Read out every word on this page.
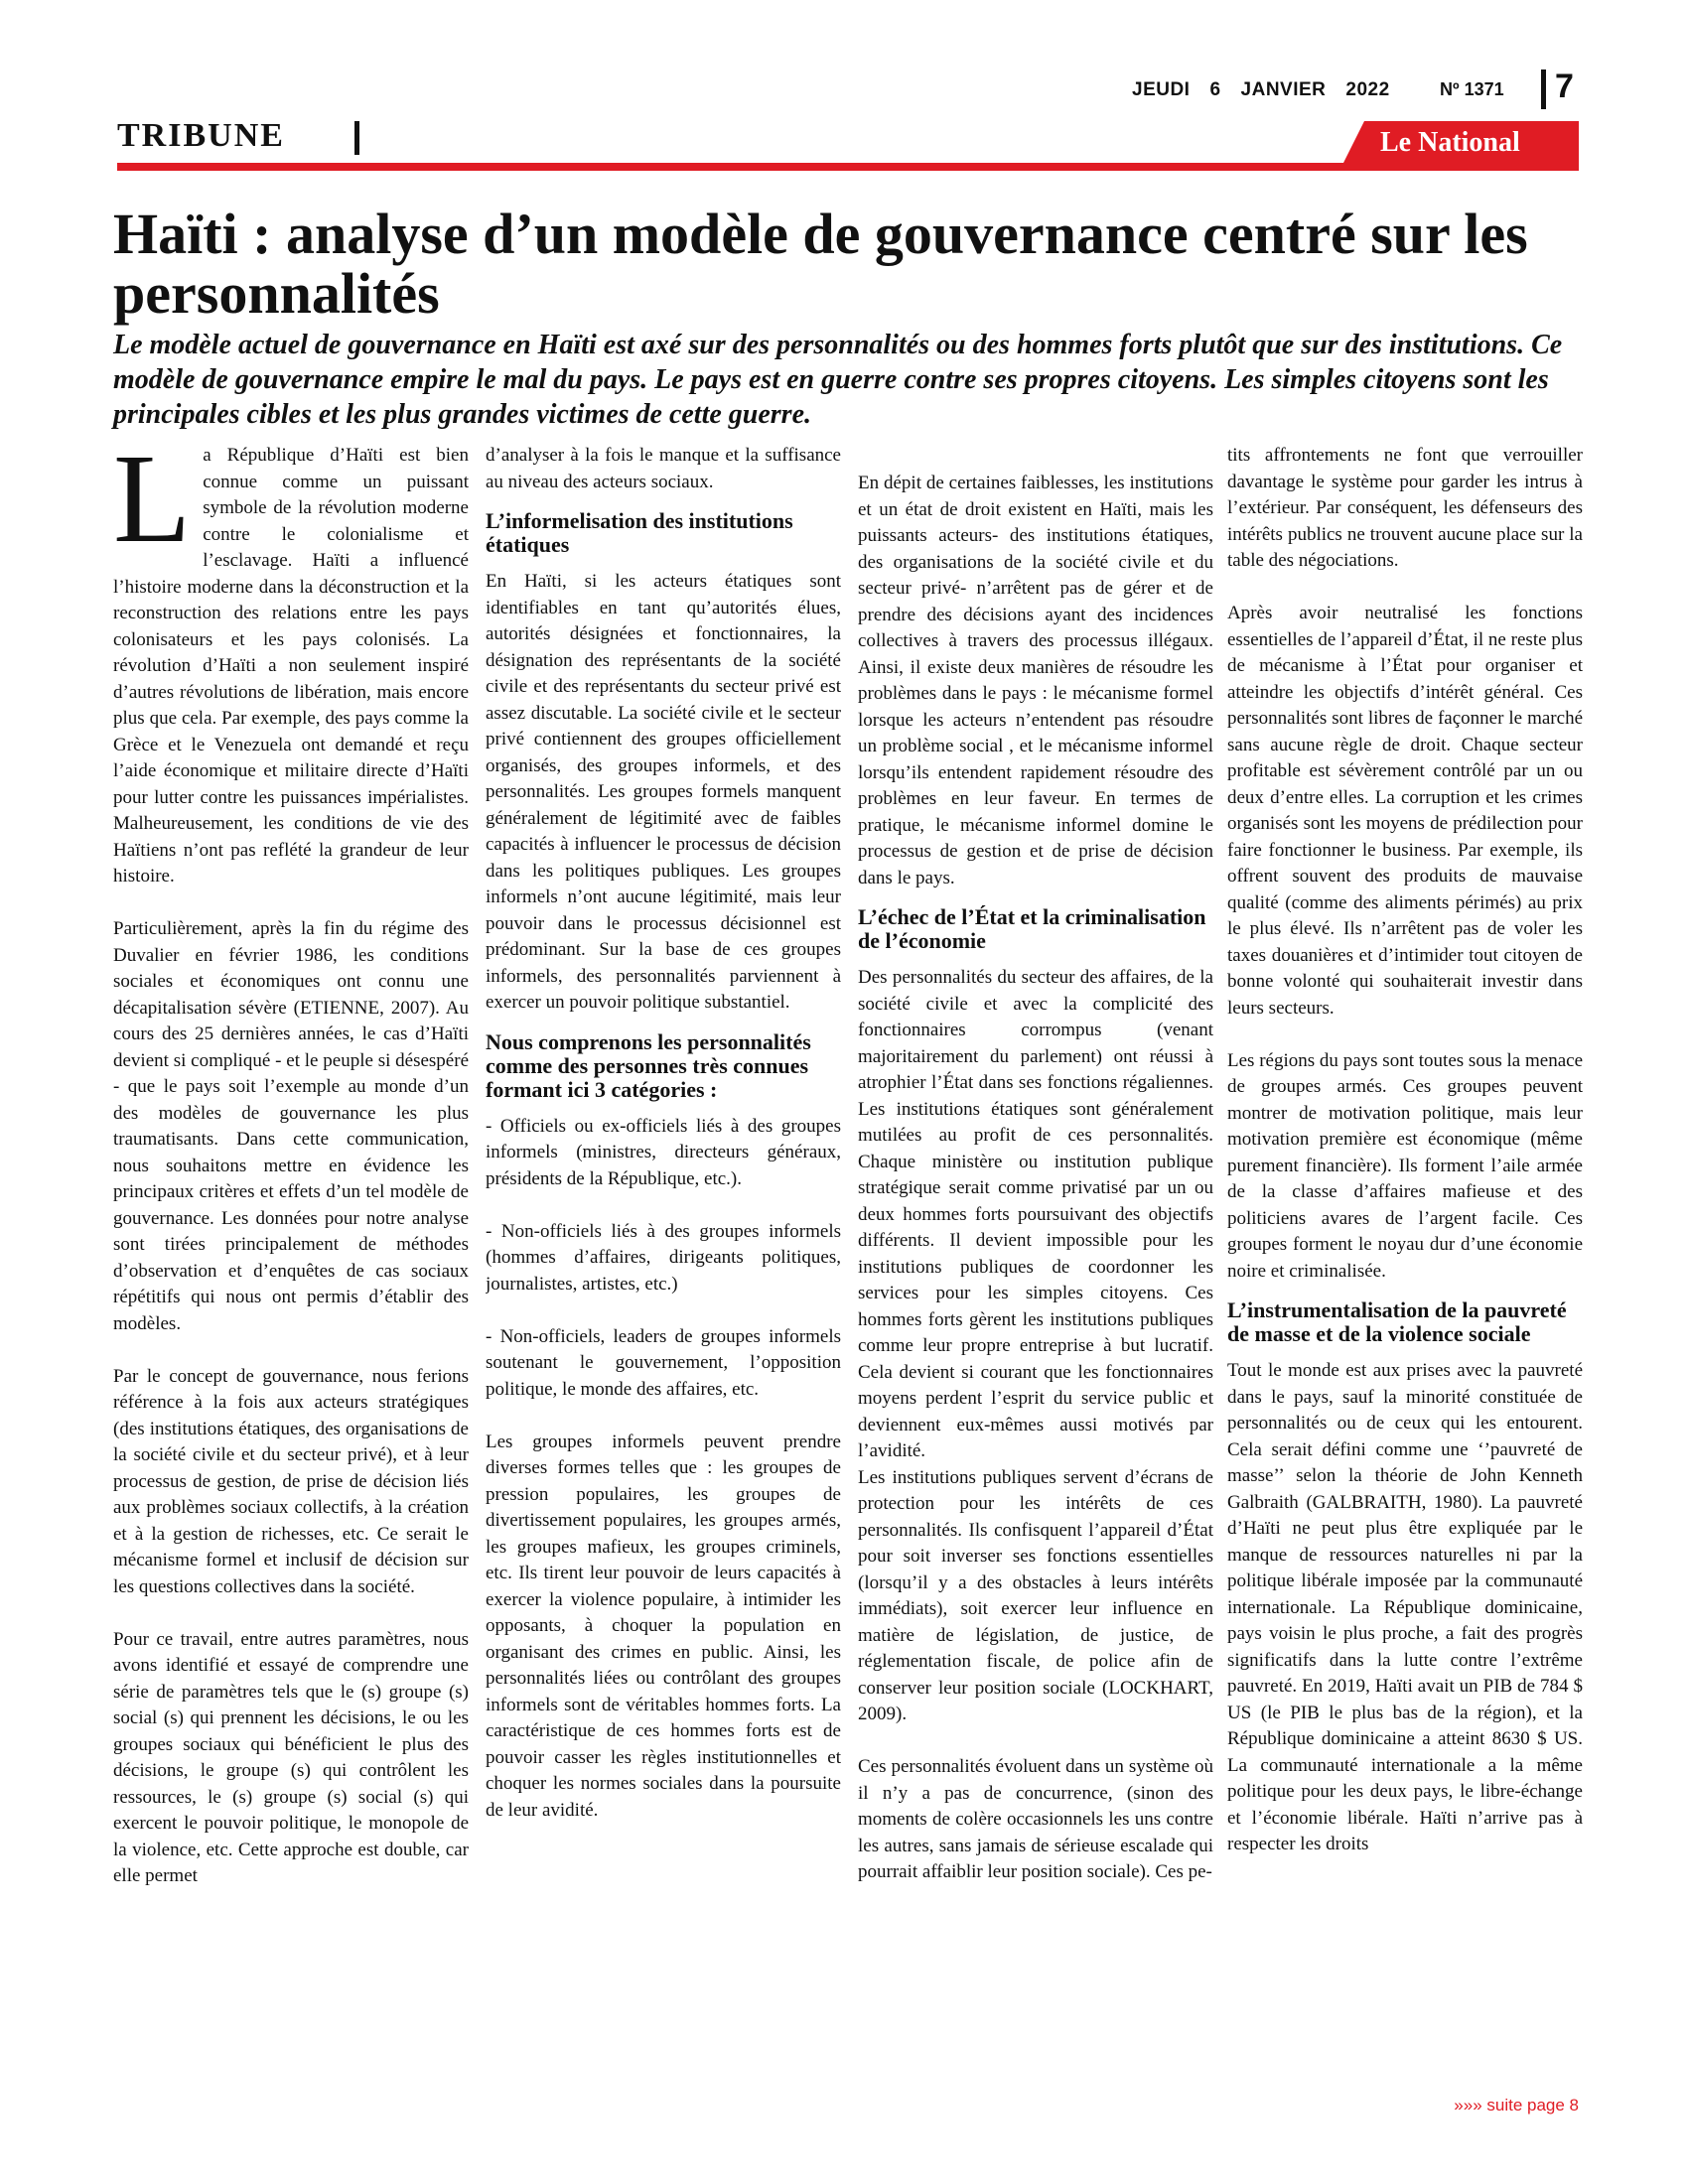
JEUDI 6 JANVIER 2022	Nº 1371 7
TRIBUNE	Le National
Haïti : analyse d’un modèle de gouvernance centré sur les personnalités

Le modèle actuel de gouvernance en Haïti est axé sur des personnalités ou des hommes forts plutôt que sur des institutions. Ce modèle de gouvernance empire le mal du pays. Le pays est en guerre contre ses propres citoyens. Les simples citoyens sont les principales cibles et les plus grandes victimes de cette guerre.

La République d’Haïti est bien connue comme un puissant symbole de la révolution moderne contre le colonialisme et l’esclavage. Haïti a influencé l’histoire moderne dans la déconstruction et la reconstruction des relations entre les pays colonisateurs et les pays colonisés. La révolution d’Haïti a non seulement inspiré d’autres révolutions de libération, mais encore plus que cela. Par exemple, des pays comme la Grèce et le Venezuela ont demandé et reçu l’aide économique et militaire directe d’Haïti pour lutter contre les puissances impérialistes. Malheureusement, les conditions de vie des Haïtiens n’ont pas reflété la grandeur de leur histoire.

Particulièrement, après la fin du régime des Duvalier en février 1986, les conditions sociales et économiques ont connu une décapitalisation sévère (ETIENNE, 2007). Au cours des 25 dernières années, le cas d’Haïti devient si compliqué - et le peuple si désespéré - que le pays soit l’exemple au monde d’un des modèles de gouvernance les plus traumatisants. Dans cette communication, nous souhaitons mettre en évidence les principaux critères et effets d’un tel modèle de gouvernance. Les données pour notre analyse sont tirées principalement de méthodes d’observation et d’enquêtes de cas sociaux répétitifs qui nous ont permis d’établir des modèles.

Par le concept de gouvernance, nous ferions référence à la fois aux acteurs stratégiques (des institutions étatiques, des organisations de la société civile et du secteur privé), et à leur processus de gestion, de prise de décision liés aux problèmes sociaux collectifs, à la création et à la gestion de richesses, etc. Ce serait le mécanisme formel et inclusif de décision sur les questions collectives dans la société.

Pour ce travail, entre autres paramètres, nous avons identifié et essayé de comprendre une série de paramètres tels que le (s) groupe (s) social (s) qui prennent les décisions, le ou les groupes sociaux qui bénéficient le plus des décisions, le groupe (s) qui contrôlent les ressources, le (s) groupe (s) social (s) qui exercent le pouvoir politique, le monopole de la violence, etc. Cette approche est double, car elle permet

d’analyser à la fois le manque et la suffisance au niveau des acteurs sociaux.

L’informelisation des institutions étatiques

En Haïti, si les acteurs étatiques sont identifiables en tant qu’autorités élues, autorités désignées et fonctionnaires, la désignation des représentants de la société civile et des représentants du secteur privé est assez discutable. La société civile et le secteur privé contiennent des groupes officiellement organisés, des groupes informels, et des personnalités. Les groupes formels manquent généralement de légitimité avec de faibles capacités à influencer le processus de décision dans les politiques publiques. Les groupes informels n’ont aucune légitimité, mais leur pouvoir dans le processus décisionnel est prédominant. Sur la base de ces groupes informels, des personnalités parviennent à exercer un pouvoir politique substantiel.

Nous comprenons les personnalités comme des personnes très connues formant ici 3 catégories :

- Officiels ou ex-officiels liés à des groupes informels (ministres, directeurs généraux, présidents de la République, etc.).

- Non-officiels liés à des groupes informels (hommes d’affaires, dirigeants politiques, journalistes, artistes, etc.)

- Non-officiels, leaders de groupes informels soutenant le gouvernement, l’opposition politique, le monde des affaires, etc.

Les groupes informels peuvent prendre diverses formes telles que : les groupes de pression populaires, les groupes de divertissement populaires, les groupes armés, les groupes mafieux, les groupes criminels, etc. Ils tirent leur pouvoir de leurs capacités à exercer la violence populaire, à intimider les opposants, à choquer la population en organisant des crimes en public. Ainsi, les personnalités liées ou contrôlant des groupes informels sont de véritables hommes forts. La caractéristique de ces hommes forts est de pouvoir casser les règles institutionnelles et choquer les normes sociales dans la poursuite de leur avidité.

En dépit de certaines faiblesses, les institutions et un état de droit existent en Haïti, mais les puissants acteurs- des institutions étatiques, des organisations de la société civile et du secteur privé- n’arrêtent pas de gérer et de prendre des décisions ayant des incidences collectives à travers des processus illégaux. Ainsi, il existe deux manières de résoudre les problèmes dans le pays : le mécanisme formel lorsque les acteurs n’entendent pas résoudre un problème social , et le mécanisme informel lorsqu’ils entendent rapidement résoudre des problèmes en leur faveur. En termes de pratique, le mécanisme informel domine le processus de gestion et de prise de décision dans le pays.

L’échec de l’État et la criminalisation de l’économie

Des personnalités du secteur des affaires, de la société civile et avec la complicité des fonctionnaires corrompus (venant majoritairement du parlement) ont réussi à atrophier l’État dans ses fonctions régaliennes. Les institutions étatiques sont généralement mutilées au profit de ces personnalités. Chaque ministère ou institution publique stratégique serait comme privatisé par un ou deux hommes forts poursuivant des objectifs différents. Il devient impossible pour les institutions publiques de coordonner les services pour les simples citoyens. Ces hommes forts gèrent les institutions publiques comme leur propre entreprise à but lucratif. Cela devient si courant que les fonctionnaires moyens perdent l’esprit du service public et deviennent eux-mêmes aussi motivés par l’avidité.

Les institutions publiques servent d’écrans de protection pour les intérêts de ces personnalités. Ils confisquent l’appareil d’État pour soit inverser ses fonctions essentielles (lorsqu’il y a des obstacles à leurs intérêts immédiats), soit exercer leur influence en matière de législation, de justice, de réglementation fiscale, de police afin de conserver leur position sociale (LOCKHART, 2009).

Ces personnalités évoluent dans un système où il n’y a pas de concurrence, (sinon des moments de colère occasionnels les uns contre les autres, sans jamais de sérieuse escalade qui pourrait affaiblir leur position sociale). Ces pe-

tits affrontements ne font que verrouiller davantage le système pour garder les intrus à l’extérieur. Par conséquent, les défenseurs des intérêts publics ne trouvent aucune place sur la table des négociations.

Après avoir neutralisé les fonctions essentielles de l’appareil d’État, il ne reste plus de mécanisme à l’État pour organiser et atteindre les objectifs d’intérêt général. Ces personnalités sont libres de façonner le marché sans aucune règle de droit. Chaque secteur profitable est sévèrement contrôlé par un ou deux d’entre elles. La corruption et les crimes organisés sont les moyens de prédilection pour faire fonctionner le business. Par exemple, ils offrent souvent des produits de mauvaise qualité (comme des aliments périmés) au prix le plus élevé. Ils n’arrêtent pas de voler les taxes douanières et d’intimider tout citoyen de bonne volonté qui souhaiterait investir dans leurs secteurs.

Les régions du pays sont toutes sous la menace de groupes armés. Ces groupes peuvent montrer de motivation politique, mais leur motivation première est économique (même purement financière). Ils forment l’aile armée de la classe d’affaires mafieuse et des politiciens avares de l’argent facile. Ces groupes forment le noyau dur d’une économie noire et criminalisée.

L’instrumentalisation de la pauvreté de masse et de la violence sociale

Tout le monde est aux prises avec la pauvreté dans le pays, sauf la minorité constituée de personnalités ou de ceux qui les entourent. Cela serait défini comme une ‘’pauvreté de masse’’ selon la théorie de John Kenneth Galbraith (GALBRAITH, 1980). La pauvreté d’Haïti ne peut plus être expliquée par le manque de ressources naturelles ni par la politique libérale imposée par la communauté internationale. La République dominicaine, pays voisin le plus proche, a fait des progrès significatifs dans la lutte contre l’extrême pauvreté. En 2019, Haïti avait un PIB de 784 $ US (le PIB le plus bas de la région), et la République dominicaine a atteint 8630 $ US. La communauté internationale a la même politique pour les deux pays, le libre-échange et l’économie libérale. Haïti n’arrive pas à respecter les droits

»»» suite page 8
